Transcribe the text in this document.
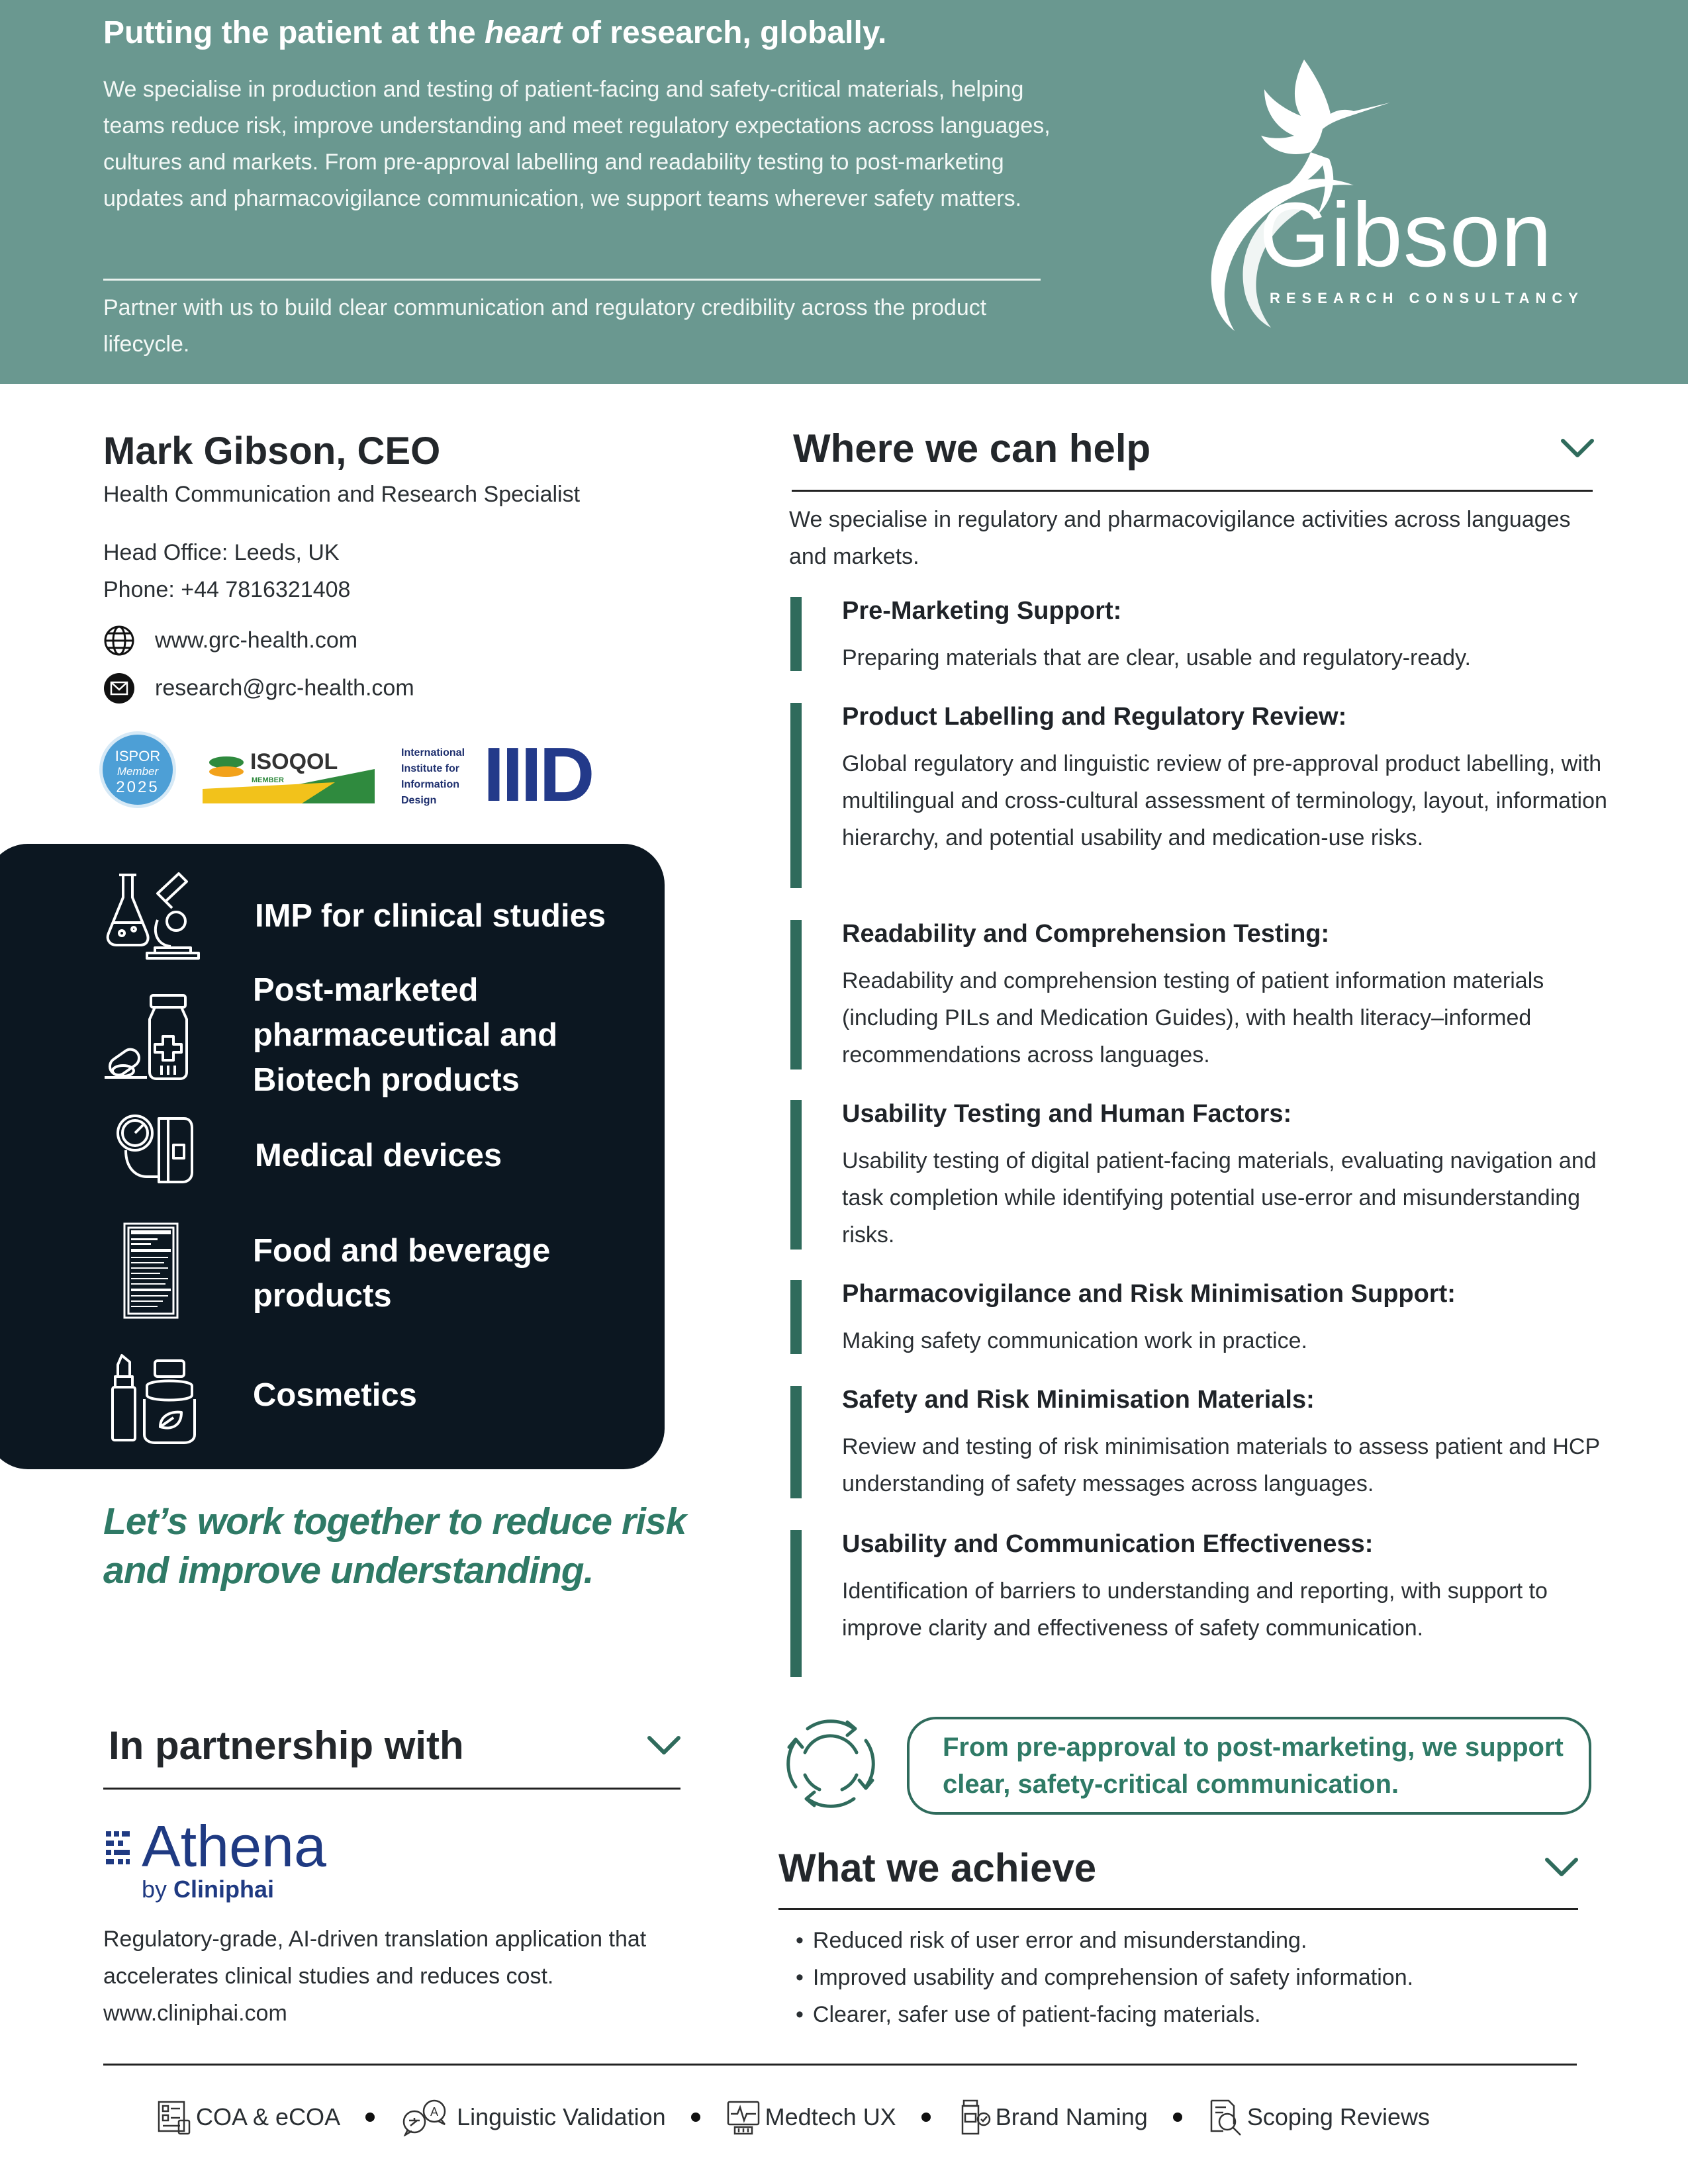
Putting the patient at the heart of research, globally.
We specialise in production and testing of patient-facing and safety-critical materials, helping teams reduce risk, improve understanding and meet regulatory expectations across languages, cultures and markets. From pre-approval labelling and readability testing to post-marketing updates and pharmacovigilance communication, we support teams wherever safety matters.
Partner with us to build clear communication and regulatory credibility across the product lifecycle.
Gibson
RESEARCH CONSULTANCY
Mark Gibson, CEO
Health Communication and Research Specialist
Head Office: Leeds, UK
Phone: +44 7816321408
www.grc-health.com
research@grc-health.com
ISPOR
Member
2025
ISOQOL
MEMBER
International Institute for Information Design IIID
IMP for clinical studies
Post-marketed pharmaceutical and Biotech products
Medical devices
Food and beverage products
Cosmetics
Let’s work together to reduce risk and improve understanding.
In partnership with
Athena
by Cliniphai
Regulatory-grade, AI-driven translation application that accelerates clinical studies and reduces cost.
www.cliniphai.com
Where we can help
We specialise in regulatory and pharmacovigilance activities across languages and markets.
Pre-Marketing Support:
Preparing materials that are clear, usable and regulatory-ready.
Product Labelling and Regulatory Review:
Global regulatory and linguistic review of pre-approval product labelling, with multilingual and cross-cultural assessment of terminology, layout, information hierarchy, and potential usability and medication-use risks.
Readability and Comprehension Testing:
Readability and comprehension testing of patient information materials (including PILs and Medication Guides), with health literacy–informed recommendations across languages.
Usability Testing and Human Factors:
Usability testing of digital patient-facing materials, evaluating navigation and task completion while identifying potential use-error and misunderstanding risks.
Pharmacovigilance and Risk Minimisation Support:
Making safety communication work in practice.
Safety and Risk Minimisation Materials:
Review and testing of risk minimisation materials to assess patient and HCP understanding of safety messages across languages.
Usability and Communication Effectiveness:
Identification of barriers to understanding and reporting, with support to improve clarity and effectiveness of safety communication.
From pre-approval to post-marketing, we support clear, safety-critical communication.
What we achieve
• Reduced risk of user error and misunderstanding.
• Improved usability and comprehension of safety information.
• Clearer, safer use of patient-facing materials.
COA & eCOA	A Linguistic Validation	Medtech UX	Brand Naming	Scoping Reviews
